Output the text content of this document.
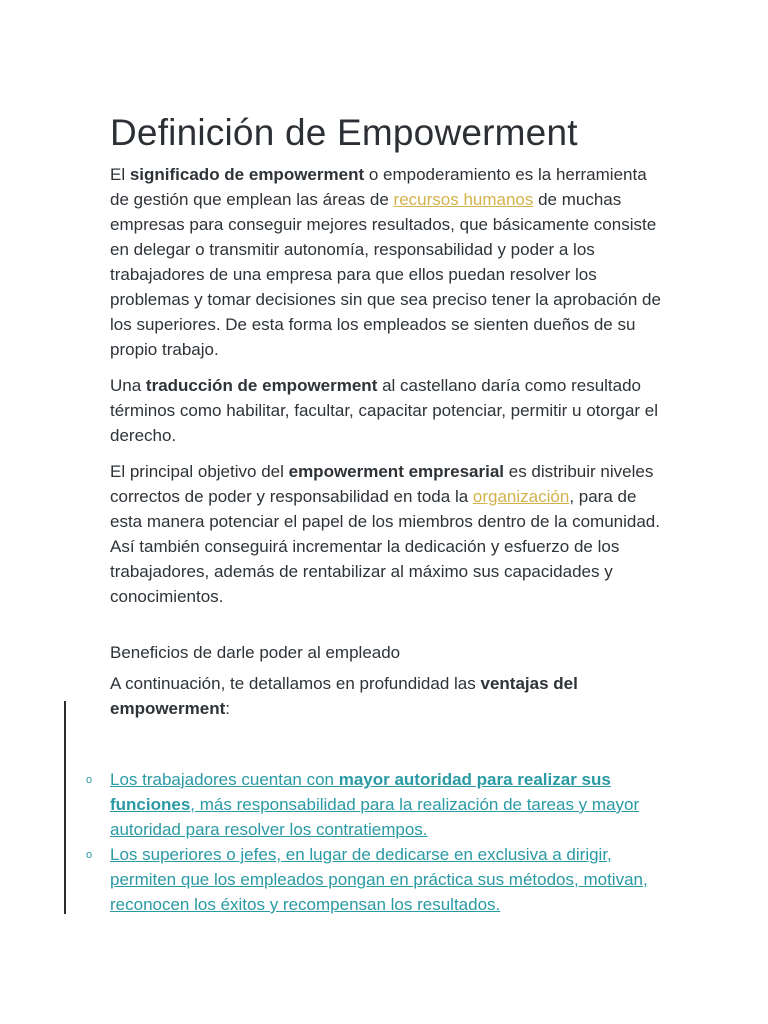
Definición de Empowerment

El significado de empowerment o empoderamiento es la herramienta de gestión que emplean las áreas de recursos humanos de muchas empresas para conseguir mejores resultados, que básicamente consiste en delegar o transmitir autonomía, responsabilidad y poder a los trabajadores de una empresa para que ellos puedan resolver los problemas y tomar decisiones sin que sea preciso tener la aprobación de los superiores. De esta forma los empleados se sienten dueños de su propio trabajo.

Una traducción de empowerment al castellano daría como resultado términos como habilitar, facultar, capacitar potenciar, permitir u otorgar el derecho.

El principal objetivo del empowerment empresarial es distribuir niveles correctos de poder y responsabilidad en toda la organización, para de esta manera potenciar el papel de los miembros dentro de la comunidad. Así también conseguirá incrementar la dedicación y esfuerzo de los trabajadores, además de rentabilizar al máximo sus capacidades y conocimientos.

Beneficios de darle poder al empleado

A continuación, te detallamos en profundidad las ventajas del empowerment:

o Los trabajadores cuentan con mayor autoridad para realizar sus funciones, más responsabilidad para la realización de tareas y mayor autoridad para resolver los contratiempos.
o Los superiores o jefes, en lugar de dedicarse en exclusiva a dirigir, permiten que los empleados pongan en práctica sus métodos, motivan, reconocen los éxitos y recompensan los resultados.
